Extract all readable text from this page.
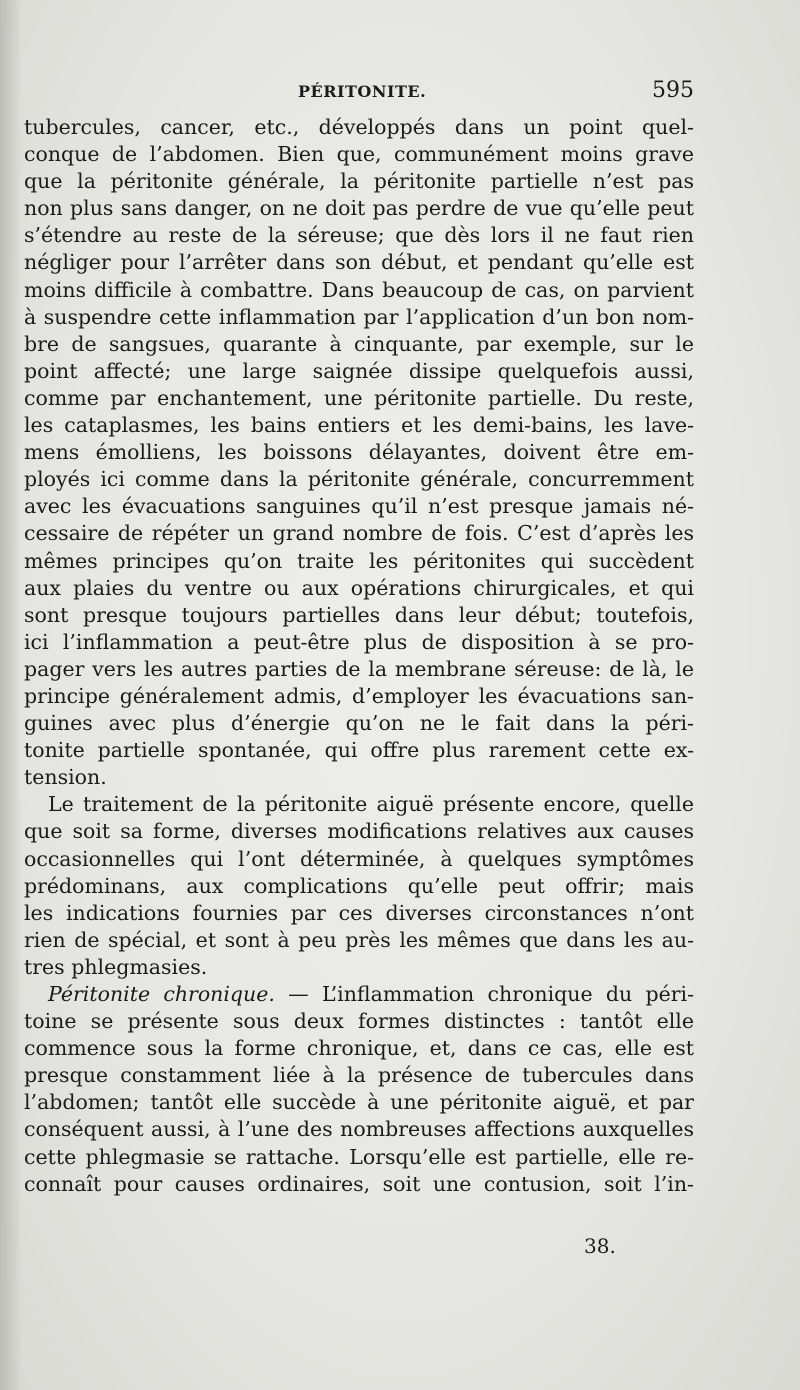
PÉRITONITE.	595
tubercules, cancer, etc., développés dans un point quel-
conque de l’abdomen. Bien que, communément moins grave
que la péritonite générale, la péritonite partielle n’est pas
non plus sans danger, on ne doit pas perdre de vue qu’elle peut
s’étendre au reste de la séreuse; que dès lors il ne faut rien
négliger pour l’arrêter dans son début, et pendant qu’elle est
moins difficile à combattre. Dans beaucoup de cas, on parvient
à suspendre cette inflammation par l’application d’un bon nom-
bre de sangsues, quarante à cinquante, par exemple, sur le
point affecté; une large saignée dissipe quelquefois aussi,
comme par enchantement, une péritonite partielle. Du reste,
les cataplasmes, les bains entiers et les demi-bains, les lave-
mens émolliens, les boissons délayantes, doivent être em-
ployés ici comme dans la péritonite générale, concurremment
avec les évacuations sanguines qu’il n’est presque jamais né-
cessaire de répéter un grand nombre de fois. C’est d’après les
mêmes principes qu’on traite les péritonites qui succèdent
aux plaies du ventre ou aux opérations chirurgicales, et qui
sont presque toujours partielles dans leur début; toutefois,
ici l’inflammation a peut-être plus de disposition à se pro-
pager vers les autres parties de la membrane séreuse: de là, le
principe généralement admis, d’employer les évacuations san-
guines avec plus d’énergie qu’on ne le fait dans la péri-
tonite partielle spontanée, qui offre plus rarement cette ex-
tension.
Le traitement de la péritonite aiguë présente encore, quelle
que soit sa forme, diverses modifications relatives aux causes
occasionnelles qui l’ont déterminée, à quelques symptômes
prédominans, aux complications qu’elle peut offrir; mais
les indications fournies par ces diverses circonstances n’ont
rien de spécial, et sont à peu près les mêmes que dans les au-
tres phlegmasies.
Péritonite chronique. — L’inflammation chronique du péri-
toine se présente sous deux formes distinctes : tantôt elle
commence sous la forme chronique, et, dans ce cas, elle est
presque constamment liée à la présence de tubercules dans
l’abdomen; tantôt elle succède à une péritonite aiguë, et par
conséquent aussi, à l’une des nombreuses affections auxquelles
cette phlegmasie se rattache. Lorsqu’elle est partielle, elle re-
connaît pour causes ordinaires, soit une contusion, soit l’in-
38.
